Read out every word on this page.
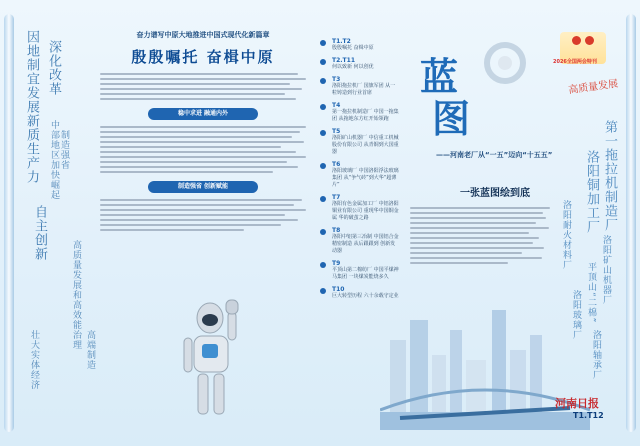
因地制宜发展新质生产力 深化改革
中部地区加快崛起
自主创新
高质量发展和高效能治理
制造强省
壮大实体经济	高端制造
奋力谱写中原大地推进中国式现代化新篇章
殷殷嘱托 奋楫中原
稳中求进 融通内外
制造强省 创新赋能
T1.T2
殷殷嘱托 奋楫中原
T2.T11
何以致新 何以创优
T3
洛阳拖拉机厂 国旗军团 从一粒铸造到行业首席
T4
第一拖拉机制造厂 中国一拖集团 从拖地东方红开始领跑
T5
洛阳矿山机器厂 中信重工机械股份有限公司 从青铜到大国重器
T6
洛阳玻璃厂 中国洛阳浮法玻璃集团 从“争气砖”到大华“超薄片”
T7
洛阳有色金属加工厂 中铝洛阳铜业有限公司 重现华中国铜金属 华的破茧之路
T8
洛阳中铝第三冶制 中国铝合金精密制造 从后跟跟到 创新发动器
T9
平顶山第二棉纺厂 中国平煤神马集团 一块煤炭能烧多久
T10
巨大转型历程 六十余载守定业
蓝
图
——河南老厂从“一五”迈向“十五五”
一张蓝图绘到底
2026全国两会特刊
高质量发展
第一拖拉机制造厂
洛阳铜加工厂
洛阳矿山机器厂
平顶山“二棉”
洛阳耐火材料厂
洛阳玻璃厂
洛阳轴承厂
河南日报
T1.T12
